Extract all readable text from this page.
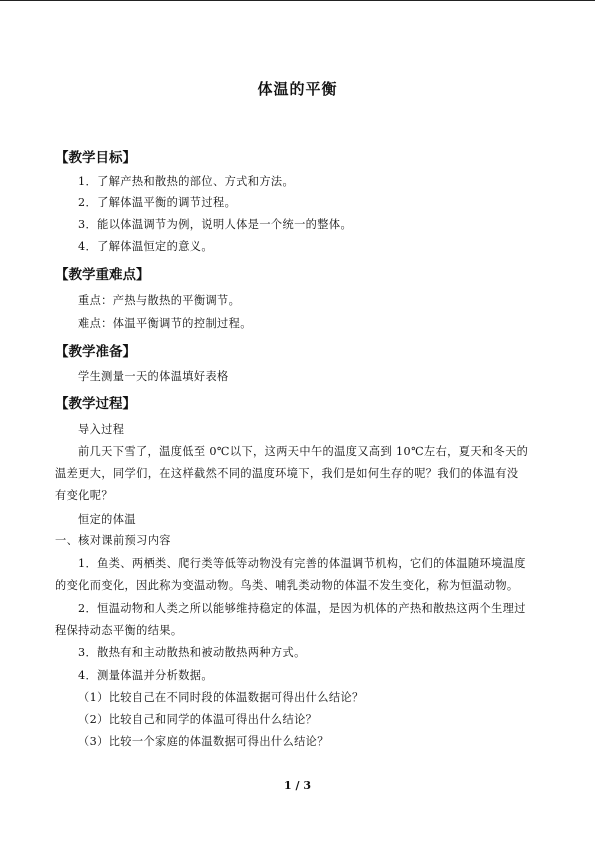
体温的平衡
【教学目标】
1．了解产热和散热的部位、方式和方法。
2．了解体温平衡的调节过程。
3．能以体温调节为例，说明人体是一个统一的整体。
4．了解体温恒定的意义。
【教学重难点】
重点：产热与散热的平衡调节。
难点：体温平衡调节的控制过程。
【教学准备】
学生测量一天的体温填好表格
【教学过程】
导入过程
前几天下雪了，温度低至 0℃以下，这两天中午的温度又高到 10℃左右，夏天和冬天的
温差更大，同学们，在这样截然不同的温度环境下，我们是如何生存的呢？我们的体温有没
有变化呢？
恒定的体温
一、核对课前预习内容
1．鱼类、两栖类、爬行类等低等动物没有完善的体温调节机构，它们的体温随环境温度
的变化而变化，因此称为变温动物。鸟类、哺乳类动物的体温不发生变化，称为恒温动物。
2．恒温动物和人类之所以能够维持稳定的体温，是因为机体的产热和散热这两个生理过
程保持动态平衡的结果。
3．散热有和主动散热和被动散热两种方式。
4．测量体温并分析数据。
（1）比较自己在不同时段的体温数据可得出什么结论？
（2）比较自己和同学的体温可得出什么结论？
（3）比较一个家庭的体温数据可得出什么结论？
1 / 3
